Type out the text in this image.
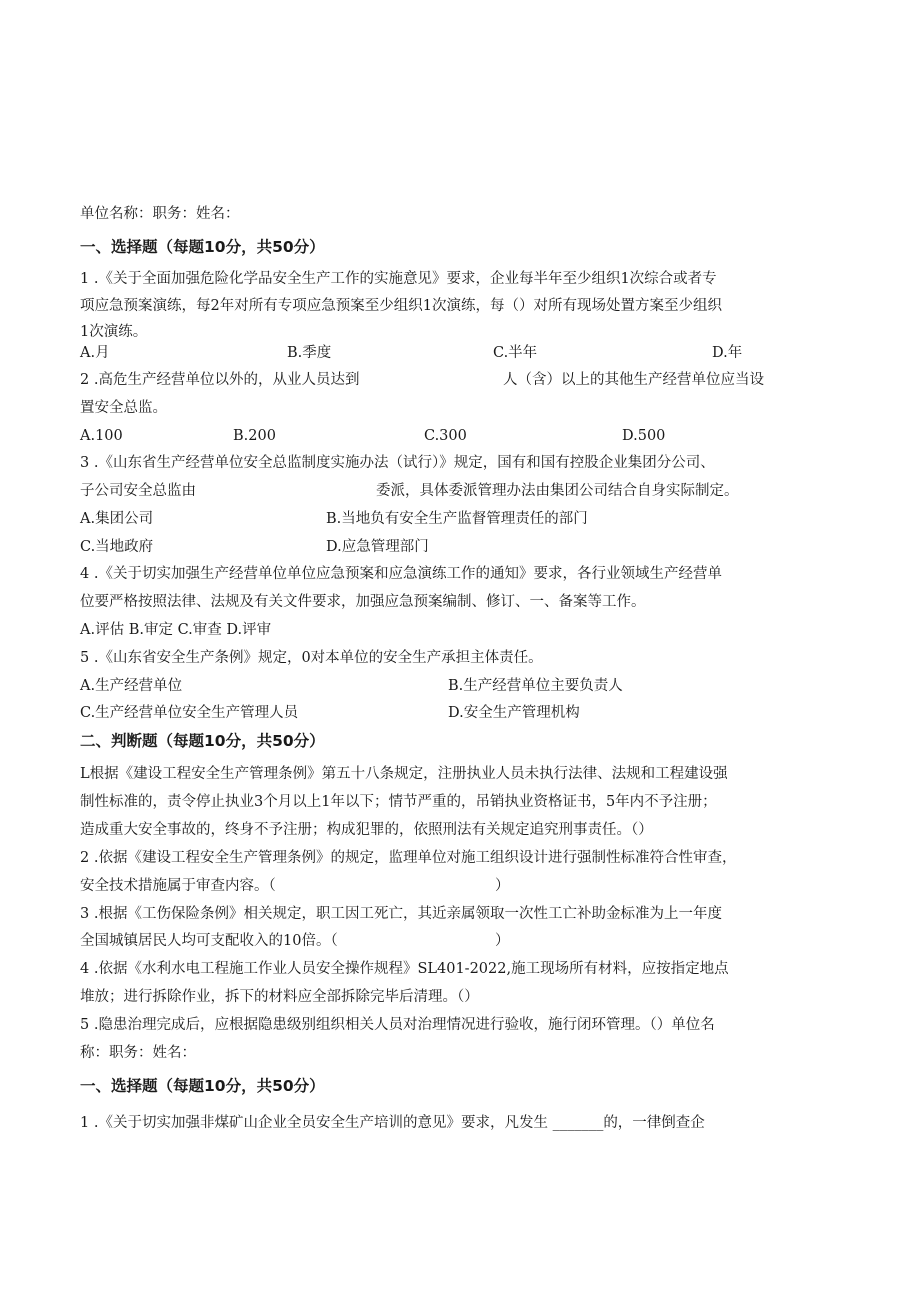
单位名称：职务：姓名：
一、选择题（每题10分，共50分）
1 .《关于全面加强危险化学品安全生产工作的实施意见》要求，企业每半年至少组织1次综合或者专
项应急预案演练，每2年对所有专项应急预案至少组织1次演练，每（）对所有现场处置方案至少组织
1次演练。
A.月	B.季度	C.半年	D.年
2 .高危生产经营单位以外的，从业人员达到	人（含）以上的其他生产经营单位应当设
置安全总监。
A.100	B.200	C.300	D.500
3 .《山东省生产经营单位安全总监制度实施办法（试行）》规定，国有和国有控股企业集团分公司、
子公司安全总监由	委派，具体委派管理办法由集团公司结合自身实际制定。
A.集团公司	B.当地负有安全生产监督管理责任的部门
C.当地政府	D.应急管理部门
4 .《关于切实加强生产经营单位单位应急预案和应急演练工作的通知》要求，各行业领域生产经营单
位要严格按照法律、法规及有关文件要求，加强应急预案编制、修订、一、备案等工作。
A.评估 B.审定 C.审查 D.评审
5 .《山东省安全生产条例》规定，0对本单位的安全生产承担主体责任。
A.生产经营单位	B.生产经营单位主要负责人
C.生产经营单位安全生产管理人员	D.安全生产管理机构
二、判断题（每题10分，共50分）
L根据《建设工程安全生产管理条例》第五十八条规定，注册执业人员未执行法律、法规和工程建设强
制性标准的，责令停止执业3个月以上1年以下；情节严重的，吊销执业资格证书，5年内不予注册；
造成重大安全事故的，终身不予注册；构成犯罪的，依照刑法有关规定追究刑事责任。（）
2 .依据《建设工程安全生产管理条例》的规定，监理单位对施工组织设计进行强制性标准符合性审查，
安全技术措施属于审查内容。（	）
3 .根据《工伤保险条例》相关规定，职工因工死亡，其近亲属领取一次性工亡补助金标准为上一年度
全国城镇居民人均可支配收入的10倍。（	）
4 .依据《水利水电工程施工作业人员安全操作规程》SL401-2022,施工现场所有材料，应按指定地点
堆放；进行拆除作业，拆下的材料应全部拆除完毕后清理。（）
5 .隐患治理完成后，应根据隐患级别组织相关人员对治理情况进行验收，施行闭环管理。（）单位名
称：职务：姓名：
一、选择题（每题10分，共50分）
1 .《关于切实加强非煤矿山企业全员安全生产培训的意见》要求，凡发生 _______的，一律倒查企
